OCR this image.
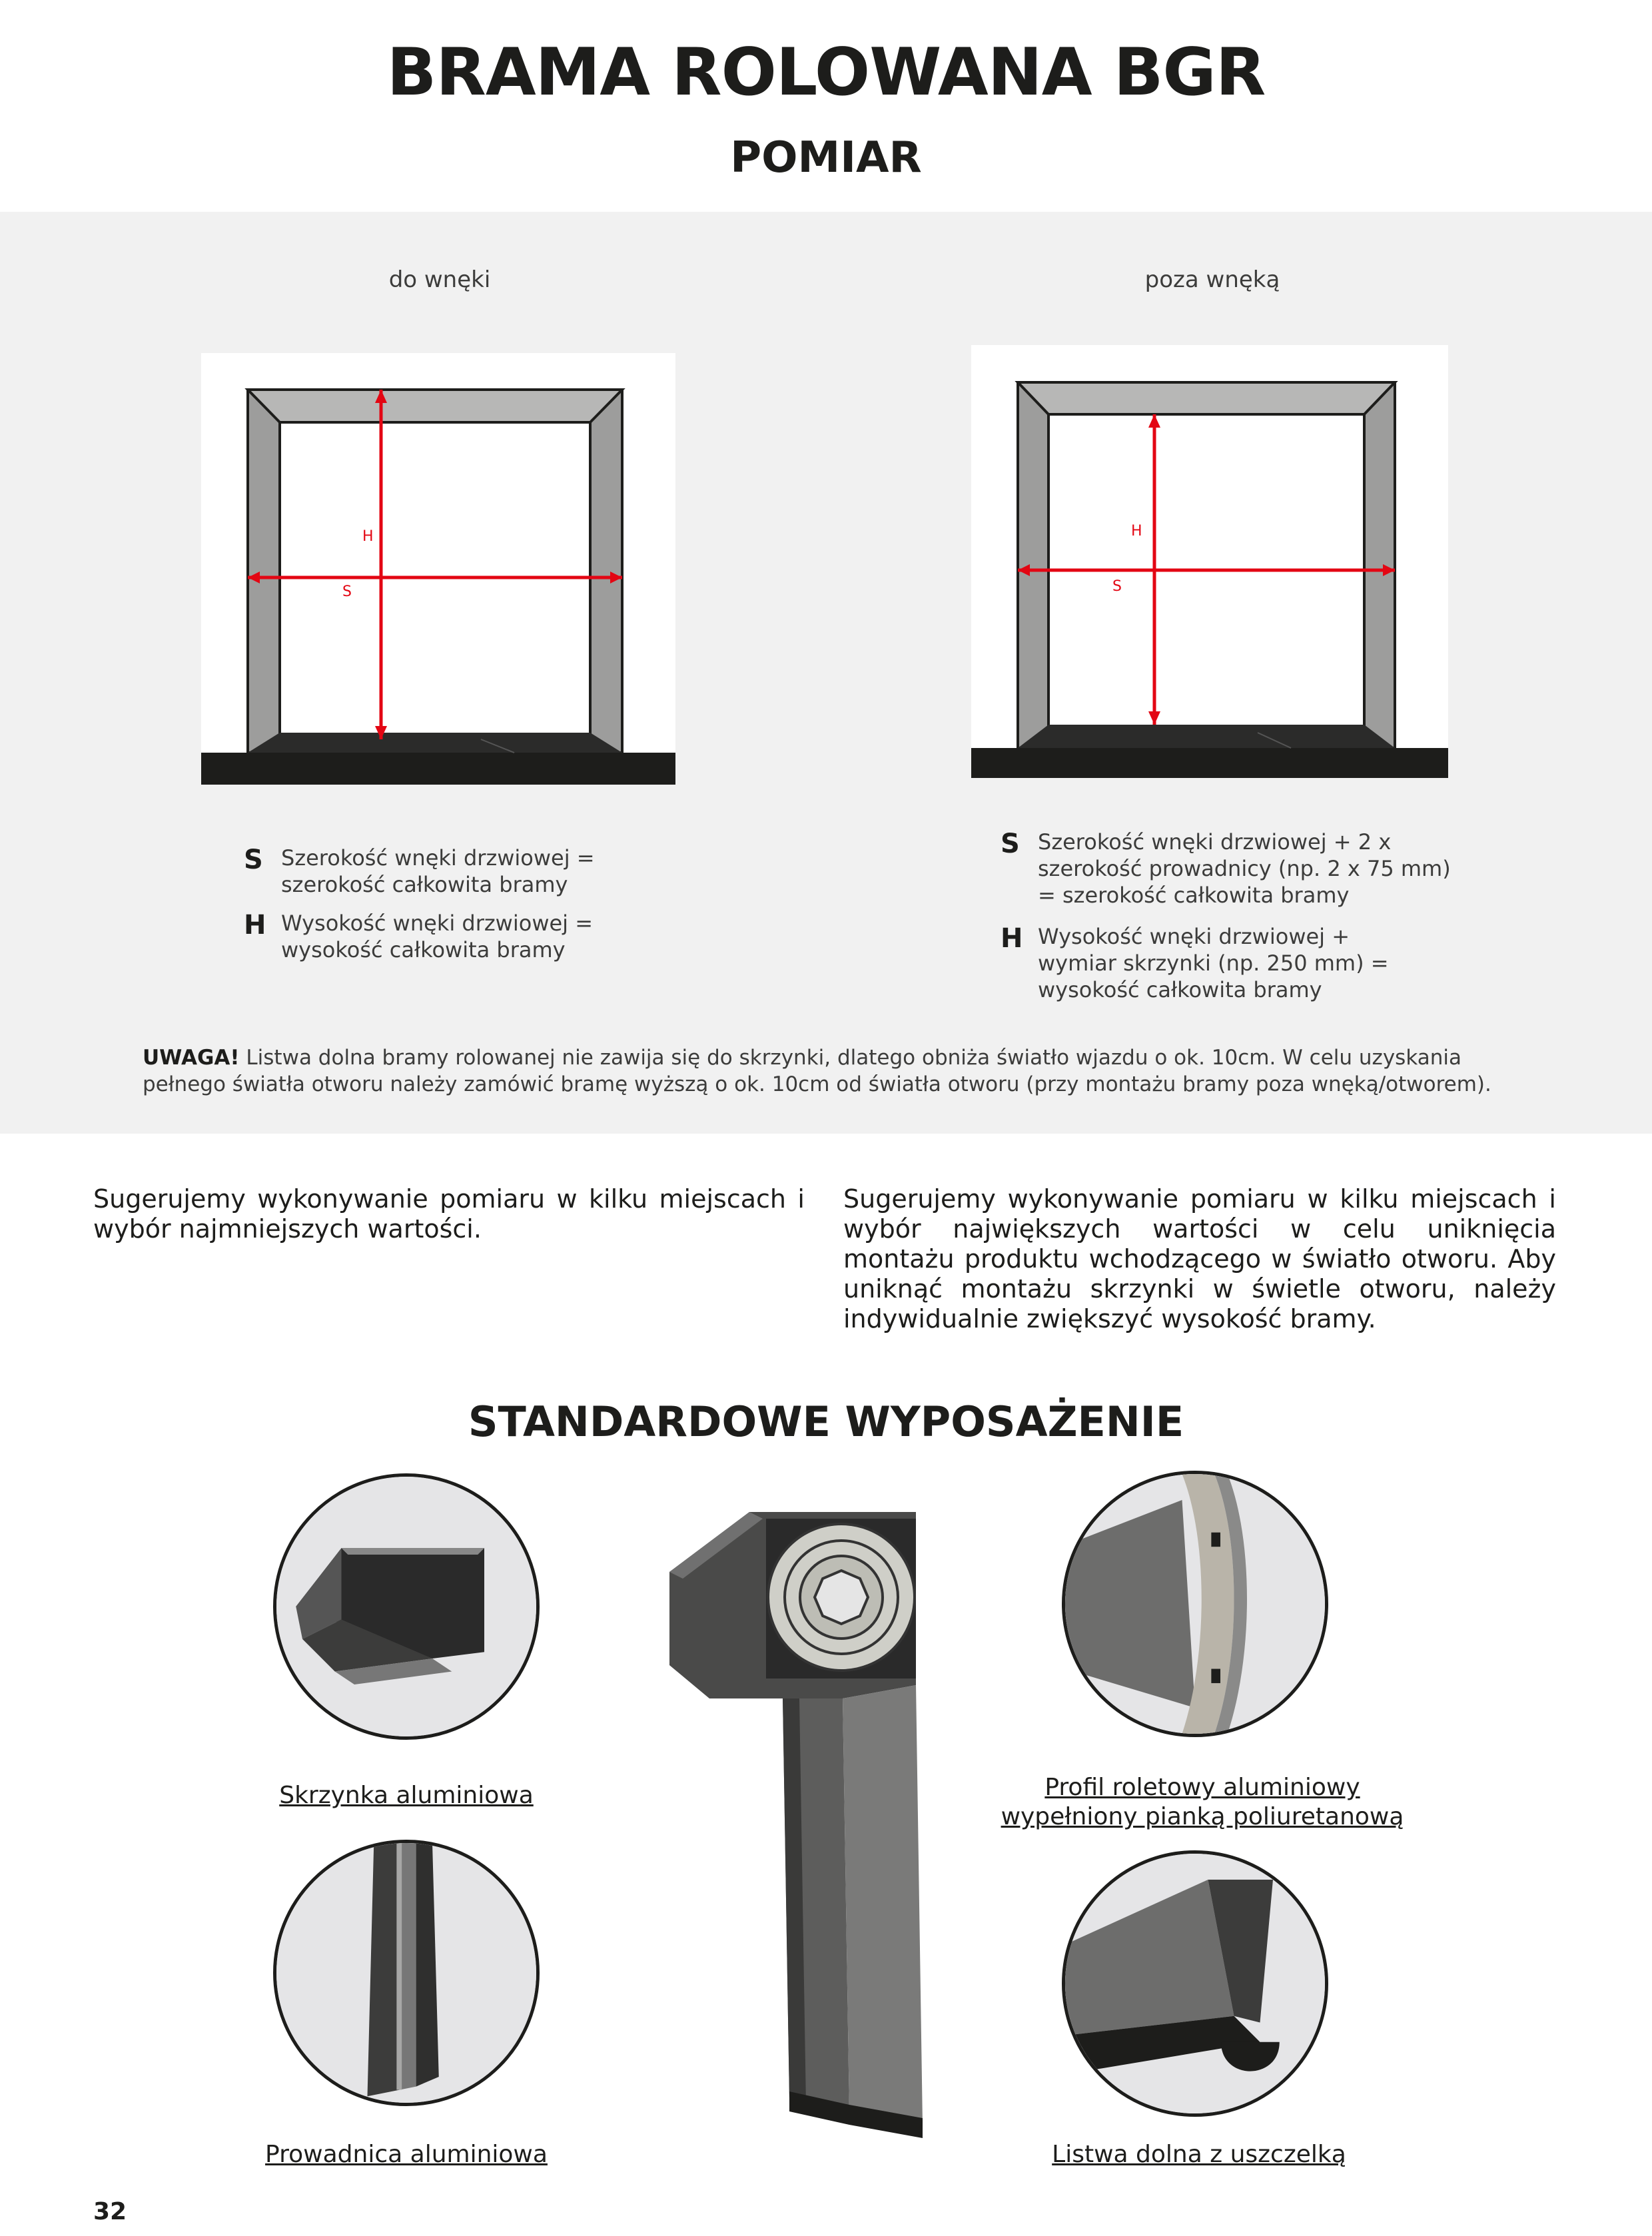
BRAMA ROLOWANA BGR
POMIAR
do wnęki	poza wnęką
H
S
H
S
S Szerokość wnęki drzwiowej = szerokość całkowita bramy
H Wysokość wnęki drzwiowej = wysokość całkowita bramy
S Szerokość wnęki drzwiowej + 2 x szerokość prowadnicy (np. 2 x 75 mm) = szerokość całkowita bramy
H Wysokość wnęki drzwiowej + wymiar skrzynki (np. 250 mm) = wysokość całkowita bramy
UWAGA! Listwa dolna bramy rolowanej nie zawija się do skrzynki, dlatego obniża światło wjazdu o ok. 10cm. W celu uzyskania pełnego światła otworu należy zamówić bramę wyższą o ok. 10cm od światła otworu (przy montażu bramy poza wnęką/otworem).
Sugerujemy wykonywanie pomiaru w kilku miejscach i wybór najmniejszych wartości.
Sugerujemy wykonywanie pomiaru w kilku miejscach i wybór największych wartości w celu uniknięcia montażu produktu wchodzącego w światło otworu. Aby uniknąć montażu skrzynki w świetle otworu, należy indywidualnie zwiększyć wysokość bramy.
STANDARDOWE WYPOSAŻENIE
Skrzynka aluminiowa
Prowadnica aluminiowa
Profil roletowy aluminiowy wypełniony pianką poliuretanową
Listwa dolna z uszczelką
32
